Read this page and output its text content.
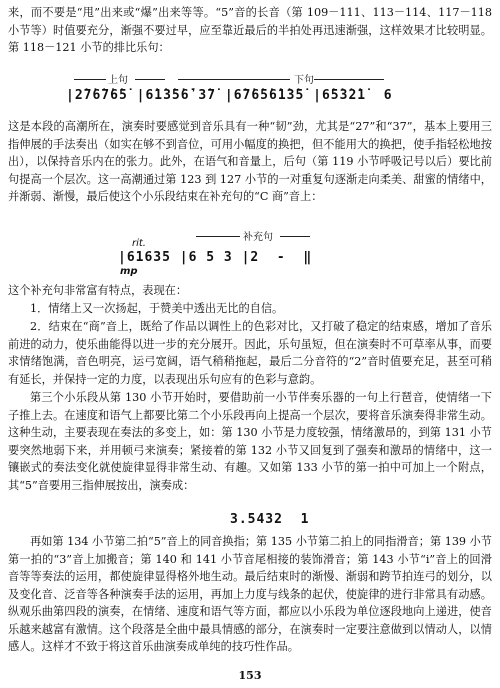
来，而不要是“甩”出来或“爆”出来等等。“5”音的长音（第 109－111、113－114、117－118 小节等）时值要充分，渐强不要过早，应至靠近最后的半拍处再迅速渐强，这样效果才比较明显。第 118－121 小节的排比乐句：
上句	下句
|2̇7̇6̇7̇6̇5̇ |6̇1̇3̇5̇6̇ʹ3̇7̇ |6̇7̇6̇5̇6̇1̇3̇5̇ |6̇5̇3̇2̇1̇  6
这是本段的高潮所在，演奏时要感觉到音乐具有一种“韧”劲，尤其是“27”和“37”，基本上要用三指伸展的手法奏出（如实在够不到音位，可用小幅度的换把，但不能用大的换把，使手指轻松地按出），以保持音乐内在的张力。此外，在语气和音量上，后句（第 119 小节呼吸记号以后）要比前句提高一个层次。这一高潮通过第 123 到 127 小节的一对重复句逐渐走向柔美、甜蜜的情绪中，并渐弱、渐慢，最后使这个小乐段结束在补充句的“C 商”音上：
补充句
rit.
|61635 |6 5 3 |2  -  ‖
mp
这个补充句非常富有特点，表现在：
1．情绪上又一次扬起，于赞美中透出无比的自信。
2．结束在“商”音上，既给了作品以调性上的色彩对比，又打破了稳定的结束感，增加了音乐前进的动力，使乐曲能得以进一步的充分展开。因此，乐句虽短，但在演奏时不可草率从事，而要求情绪饱满，音色明亮，运弓宽阔，语气稍稍拖起，最后二分音符的“2”音时值要充足，甚至可稍有延长，并保持一定的力度，以表现出乐句应有的色彩与意韵。
第三个小乐段从第 130 小节开始时，要借助前一小节伴奏乐器的一句上行琶音，使情绪一下子推上去。在速度和语气上都要比第二个小乐段再向上提高一个层次，要将音乐演奏得非常生动。这种生动，主要表现在奏法的多变上，如：第 130 小节是力度较强，情绪激昂的，到第 131 小节要突然地弱下来，并用顿弓来演奏；紧接着的第 132 小节又回复到了强奏和激昂的情绪中，这一镶嵌式的奏法变化就使旋律显得非常生动、有趣。又如第 133 小节的第一拍中可加上一个附点，其“5”音要用三指伸展按出，演奏成：
3.5432  1
再如第 134 小节第二拍“5”音上的同音换指；第 135 小节第二拍上的同指滑音；第 139 小节第一拍的“3”音上加搬音；第 140 和 141 小节音尾相接的装饰滑音；第 143 小节“i”音上的回滑音等等奏法的运用，都使旋律显得格外地生动。最后结束时的渐慢、渐弱和跨节拍连弓的划分，以及变化音、泛音等各种演奏手法的运用，再加上力度与线条的起伏，使旋律的进行非常具有动感。纵观乐曲第四段的演奏，在情绪、速度和语气等方面，都应以小乐段为单位逐段地向上递进，使音乐越来越富有激情。这个段落是全曲中最具情感的部分，在演奏时一定要注意做到以情动人，以情感人。这样才不致于将这首乐曲演奏成单纯的技巧性作品。
153
